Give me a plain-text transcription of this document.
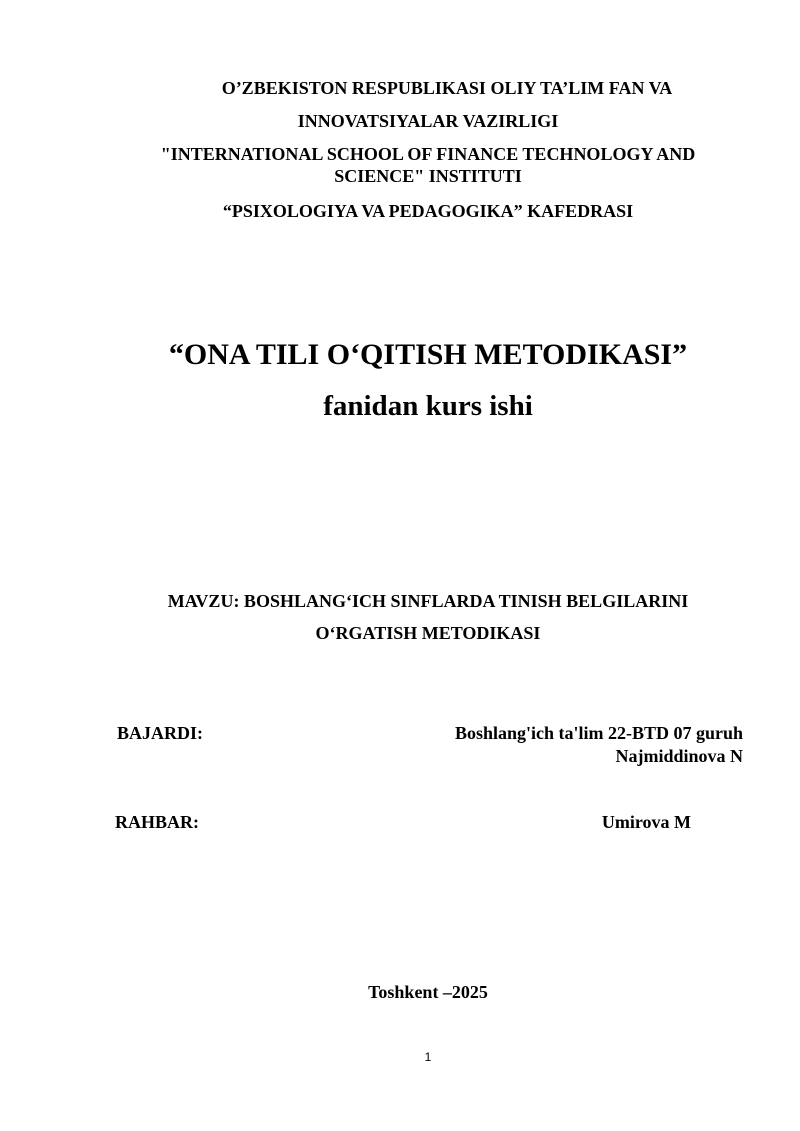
O’ZBEKISTON RESPUBLIKASI OLIY TA’LIM FAN VA
INNOVATSIYALAR VAZIRLIGI
"INTERNATIONAL SCHOOL OF FINANCE TECHNOLOGY AND
SCIENCE" INSTITUTI
“PSIXOLOGIYA VA PEDAGOGIKA” KAFEDRASI
“ONA TILI O‘QITISH METODIKASI”
fanidan kurs ishi
MAVZU: BOSHLANG‘ICH SINFLARDA TINISH BELGILARINI
O‘RGATISH METODIKASI
BAJARDI:	Boshlang'ich ta'lim 22-BTD 07 guruh
Najmiddinova N
RAHBAR:	Umirova M
Toshkent –2025
1
